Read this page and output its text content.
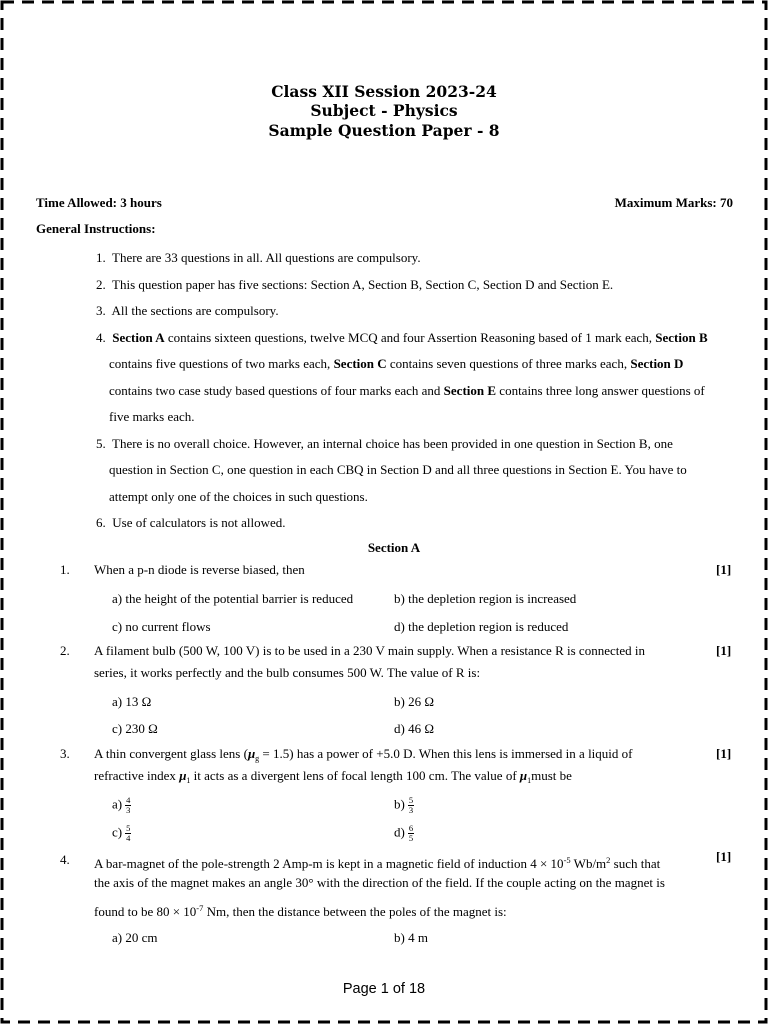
Class XII Session 2023-24
Subject - Physics
Sample Question Paper - 8
Time Allowed: 3 hours	Maximum Marks: 70
General Instructions:
1. There are 33 questions in all. All questions are compulsory.
2. This question paper has five sections: Section A, Section B, Section C, Section D and Section E.
3. All the sections are compulsory.
4. Section A contains sixteen questions, twelve MCQ and four Assertion Reasoning based of 1 mark each, Section B
contains five questions of two marks each, Section C contains seven questions of three marks each, Section D
contains two case study based questions of four marks each and Section E contains three long answer questions of
five marks each.
5. There is no overall choice. However, an internal choice has been provided in one question in Section B, one
question in Section C, one question in each CBQ in Section D and all three questions in Section E. You have to
attempt only one of the choices in such questions.
6. Use of calculators is not allowed.
Section A
1. When a p-n diode is reverse biased, then	[1]
a) the height of the potential barrier is reduced	b) the depletion region is increased
c) no current flows	d) the depletion region is reduced
2. A filament bulb (500 W, 100 V) is to be used in a 230 V main supply. When a resistance R is connected in
series, it works perfectly and the bulb consumes 500 W. The value of R is:
[1]
a) 13 Ω	b) 26 Ω
c) 230 Ω	d) 46 Ω
3. A thin convergent glass lens $(\mu_g = 1.5)$ has a power of +5.0 D. When this lens is immersed in a liquid of
refractive index $\mu_1$ it acts as a divergent lens of focal length 100 cm. The value of $\mu_1must$ be
[1]
$a) \frac{4}{3}$	$b) \frac{5}{3}$
$c) \frac{5}{4}$	$d) \frac{6}{5}$
4. A bar-magnet of the pole-strength 2 Amp-m is kept in a magnetic field of induction $4 \times 10^{-5}$ $Wb/m^2$ such that
the axis of the magnet makes an angle 30° with the direction of the field. If the couple acting on the magnet is
found to be $80 \times 10^{-7}$ Nm, then the distance between the poles of the magnet is:
[1]
a) 20 cm	b) 4 m
Page 1 of 18
